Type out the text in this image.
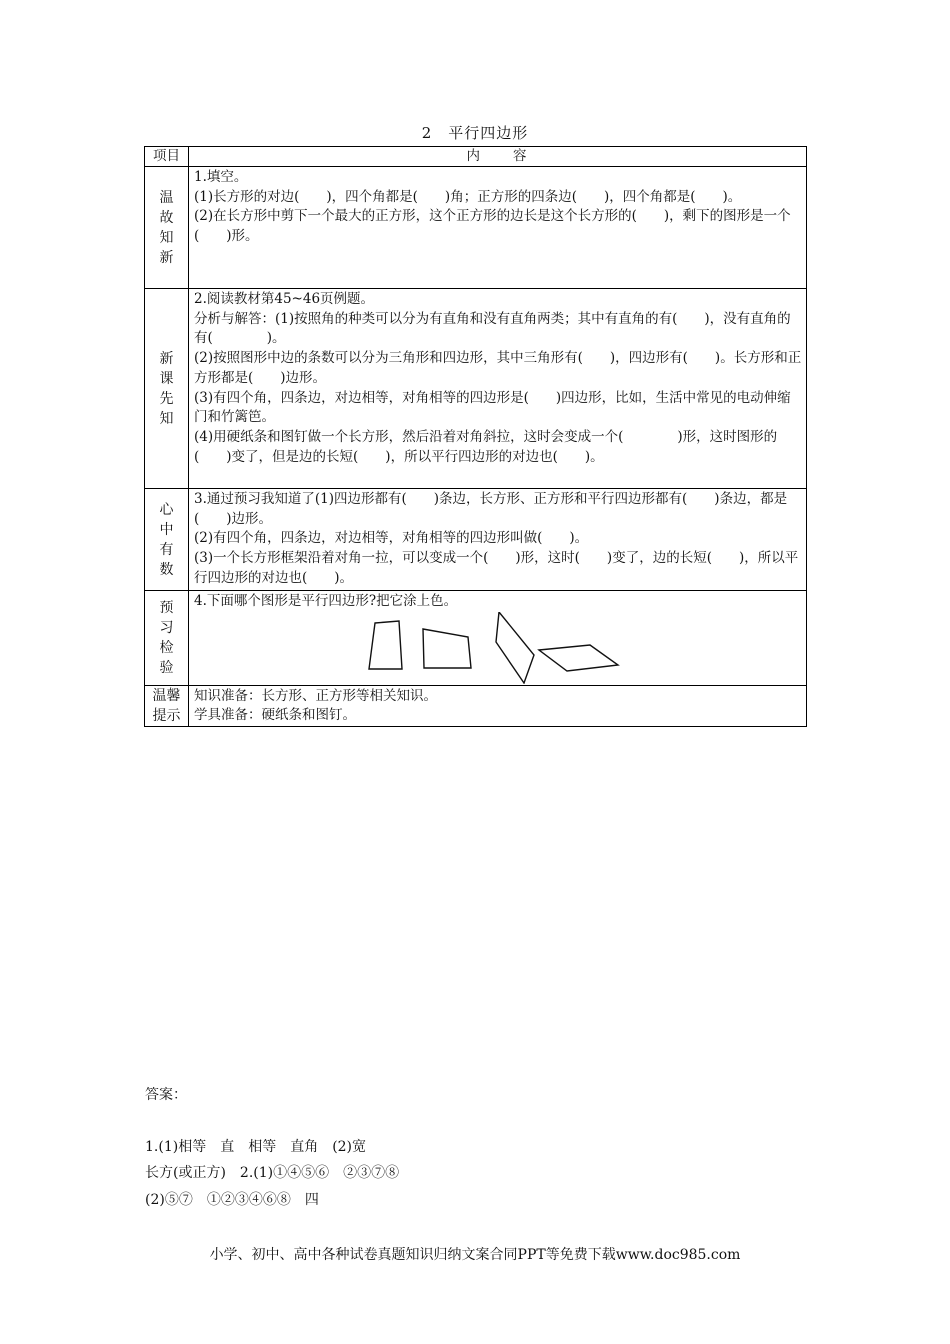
2　平行四边形
项目	内　　容
温故知新	1.填空。

(1)长方形的对边(　　)，四个角都是(　　)角；正方形的四条边(　　)，四个角都是(　　)。

(2)在长方形中剪下一个最大的正方形，这个正方形的边长是这个长方形的(　　)，剩下的图形是一个(　　)形。

新课先知	2.阅读教材第45~46页例题。

分析与解答：(1)按照角的种类可以分为有直角和没有直角两类；其中有直角的有(　　)，没有直角的有(　　　　)。

(2)按照图形中边的条数可以分为三角形和四边形，其中三角形有(　　)，四边形有(　　)。长方形和正方形都是(　　)边形。

(3)有四个角，四条边，对边相等，对角相等的四边形是(　　)四边形，比如，生活中常见的电动伸缩门和竹篱笆。

(4)用硬纸条和图钉做一个长方形，然后沿着对角斜拉，这时会变成一个(　　　　)形，这时图形的(　　)变了，但是边的长短(　　)，所以平行四边形的对边也(　　)。

心中有数	3.通过预习我知道了(1)四边形都有(　　)条边，长方形、正方形和平行四边形都有(　　)条边，都是(　　)边形。

(2)有四个角，四条边，对边相等，对角相等的四边形叫做(　　)。

(3)一个长方形框架沿着对角一拉，可以变成一个(　　)形，这时(　　)变了，边的长短(　　)，所以平行四边形的对边也(　　)。

预习检验	4.下面哪个图形是平行四边形?把它涂上色。

温馨提示	知识准备：长方形、正方形等相关知识。

学具准备：硬纸条和图钉。

答案：
1.(1)相等　直　相等　直角　(2)宽
长方(或正方)　2.(1)①④⑤⑥　②③⑦⑧
(2)⑤⑦　①②③④⑥⑧　四
小学、初中、高中各种试卷真题知识归纳文案合同PPT等免费下载www.doc985.com
